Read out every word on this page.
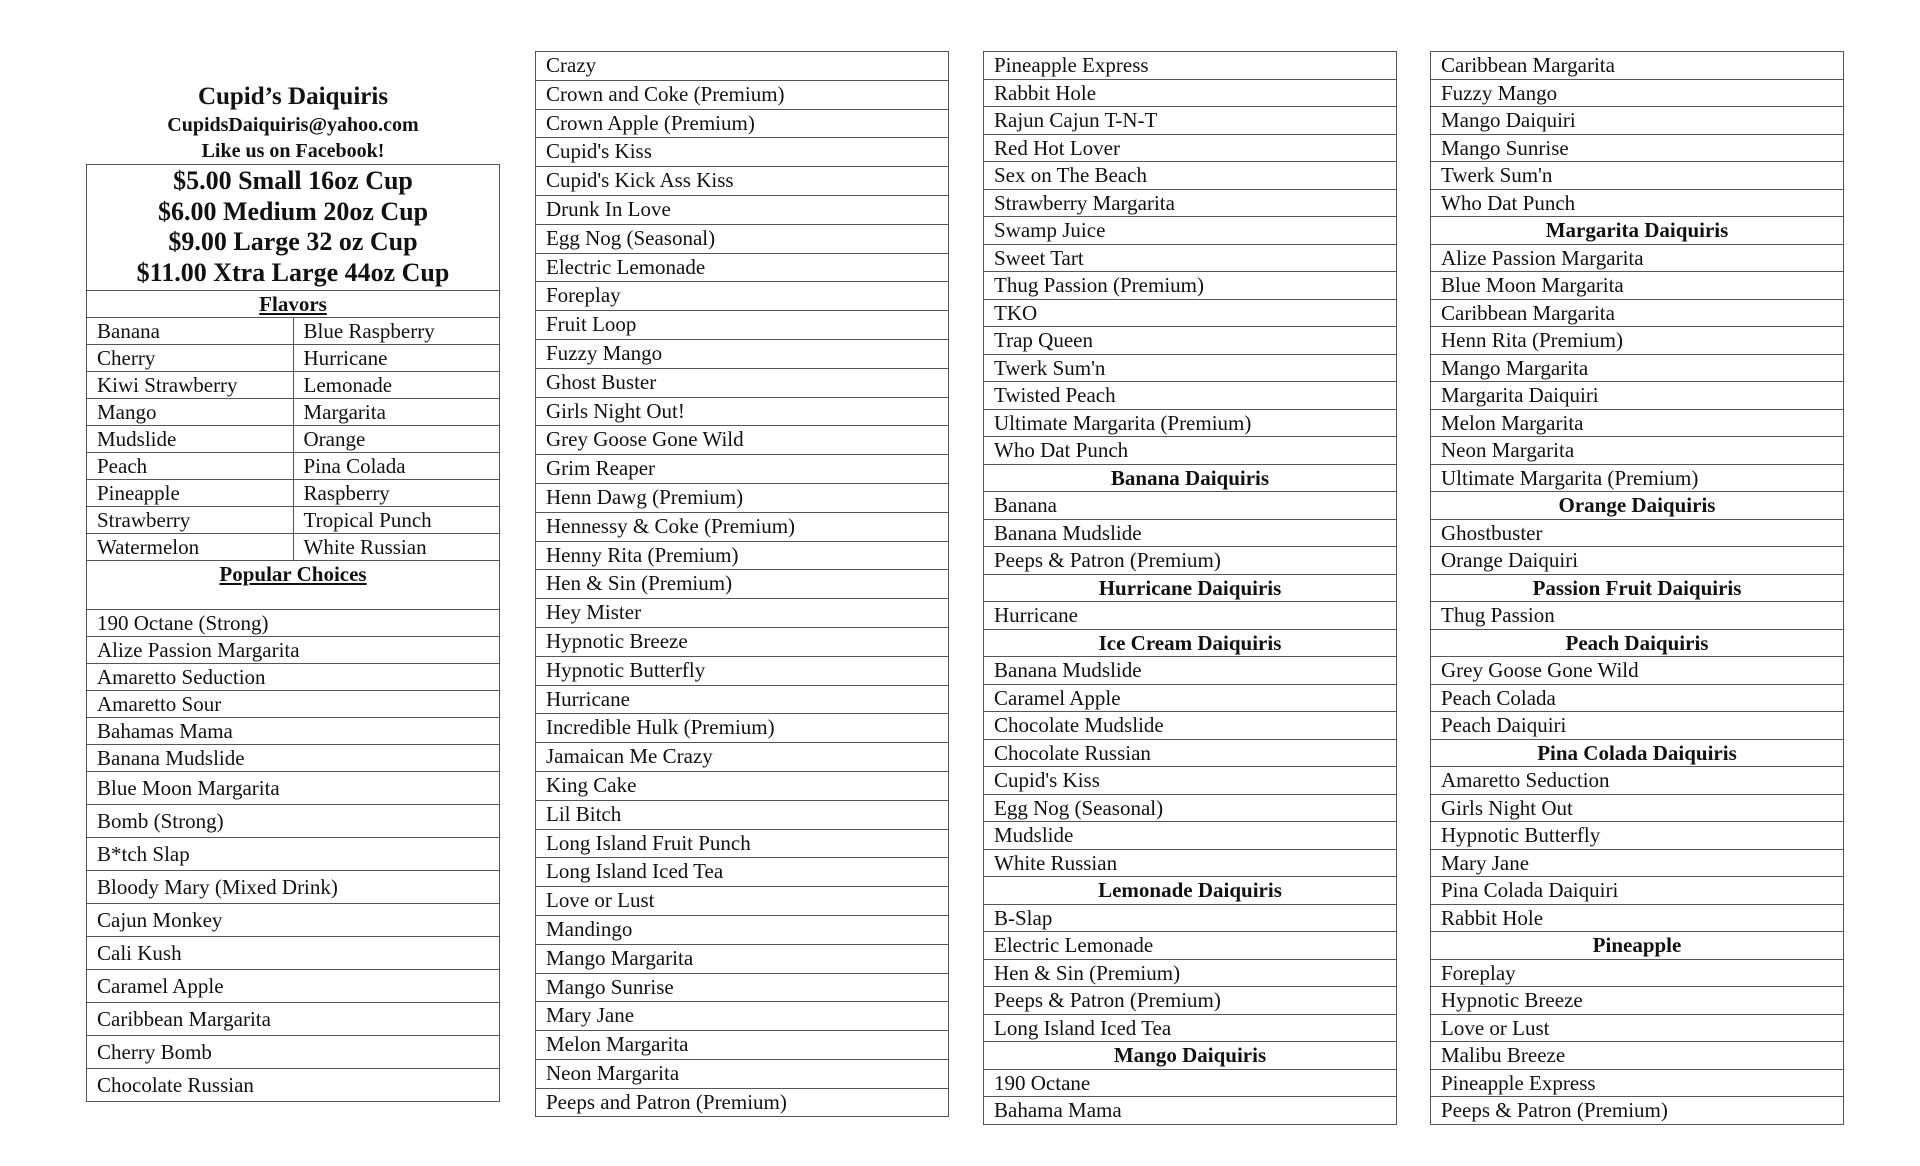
Cupid’s Daiquiris
CupidsDaiquiris@yahoo.com
Like us on Facebook!
$5.00 Small 16oz Cup
$6.00 Medium 20oz Cup
$9.00 Large 32 oz Cup
$11.00 Xtra Large 44oz Cup	

Flavors	
Banana	Blue Raspberry
Cherry	Hurricane
Kiwi Strawberry	Lemonade
Mango	Margarita
Mudslide	Orange
Peach	Pina Colada
Pineapple	Raspberry
Strawberry	Tropical Punch
Watermelon	White Russian
Popular Choices	
190 Octane (Strong)	
Alize Passion Margarita	
Amaretto Seduction	
Amaretto Sour	
Bahamas Mama	
Banana Mudslide	
Blue Moon Margarita	
Bomb (Strong)	
B*tch Slap	
Bloody Mary (Mixed Drink)	
Cajun Monkey	
Cali Kush	
Caramel Apple	
Caribbean Margarita	
Cherry Bomb	
Chocolate Russian	
Crazy
Crown and Coke (Premium)
Crown Apple (Premium)
Cupid's Kiss
Cupid's Kick Ass Kiss
Drunk In Love
Egg Nog (Seasonal)
Electric Lemonade
Foreplay
Fruit Loop
Fuzzy Mango
Ghost Buster
Girls Night Out!
Grey Goose Gone Wild
Grim Reaper
Henn Dawg (Premium)
Hennessy & Coke (Premium)
Henny Rita (Premium)
Hen & Sin (Premium)
Hey Mister
Hypnotic Breeze
Hypnotic Butterfly
Hurricane
Incredible Hulk (Premium)
Jamaican Me Crazy
King Cake
Lil Bitch
Long Island Fruit Punch
Long Island Iced Tea
Love or Lust
Mandingo
Mango Margarita
Mango Sunrise
Mary Jane
Melon Margarita
Neon Margarita
Peeps and Patron (Premium)
Pineapple Express
Rabbit Hole
Rajun Cajun T-N-T
Red Hot Lover
Sex on The Beach
Strawberry Margarita
Swamp Juice
Sweet Tart
Thug Passion (Premium)
TKO
Trap Queen
Twerk Sum'n
Twisted Peach
Ultimate Margarita (Premium)
Who Dat Punch
Banana Daiquiris
Banana
Banana Mudslide
Peeps & Patron (Premium)
Hurricane Daiquiris
Hurricane
Ice Cream Daiquiris
Banana Mudslide
Caramel Apple
Chocolate Mudslide
Chocolate Russian
Cupid's Kiss
Egg Nog (Seasonal)
Mudslide
White Russian
Lemonade Daiquiris
B-Slap
Electric Lemonade
Hen & Sin (Premium)
Peeps & Patron (Premium)
Long Island Iced Tea
Mango Daiquiris
190 Octane
Bahama Mama
Caribbean Margarita
Fuzzy Mango
Mango Daiquiri
Mango Sunrise
Twerk Sum'n
Who Dat Punch
Margarita Daiquiris
Alize Passion Margarita
Blue Moon Margarita
Caribbean Margarita
Henn Rita (Premium)
Mango Margarita
Margarita Daiquiri
Melon Margarita
Neon Margarita
Ultimate Margarita (Premium)
Orange Daiquiris
Ghostbuster
Orange Daiquiri
Passion Fruit Daiquiris
Thug Passion
Peach Daiquiris
Grey Goose Gone Wild
Peach Colada
Peach Daiquiri
Pina Colada Daiquiris
Amaretto Seduction
Girls Night Out
Hypnotic Butterfly
Mary Jane
Pina Colada Daiquiri
Rabbit Hole
Pineapple
Foreplay
Hypnotic Breeze
Love or Lust
Malibu Breeze
Pineapple Express
Peeps & Patron (Premium)
